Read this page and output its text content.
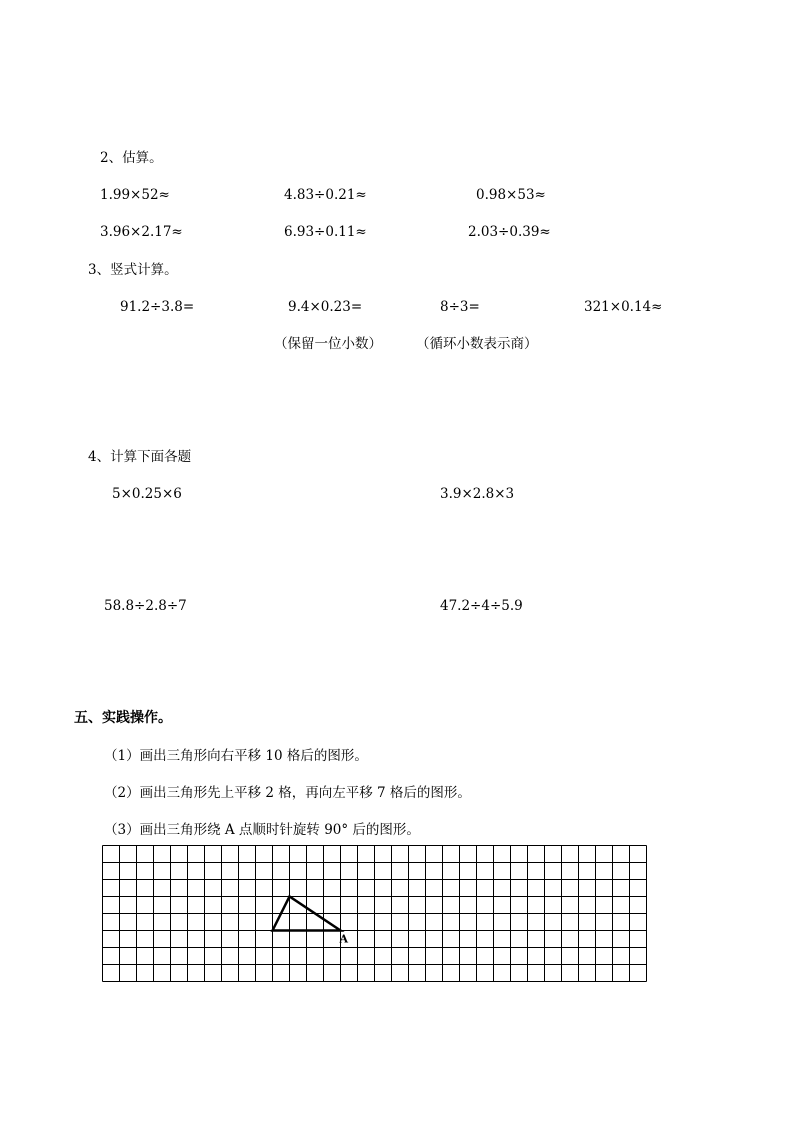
2、估算。
1.99×52≈	4.83÷0.21≈	0.98×53≈
3.96×2.17≈	6.93÷0.11≈	2.03÷0.39≈
3、竖式计算。
91.2÷3.8=	9.4×0.23=	8÷3=	321×0.14≈
（保留一位小数）	（循环小数表示商）
4、计算下面各题
5×0.25×6	3.9×2.8×3
58.8÷2.8÷7	47.2÷4÷5.9
五、实践操作。
（1）画出三角形向右平移 10 格后的图形。
（2）画出三角形先上平移 2 格，再向左平移 7 格后的图形。
（3）画出三角形绕 A 点顺时针旋转 90° 后的图形。
A
